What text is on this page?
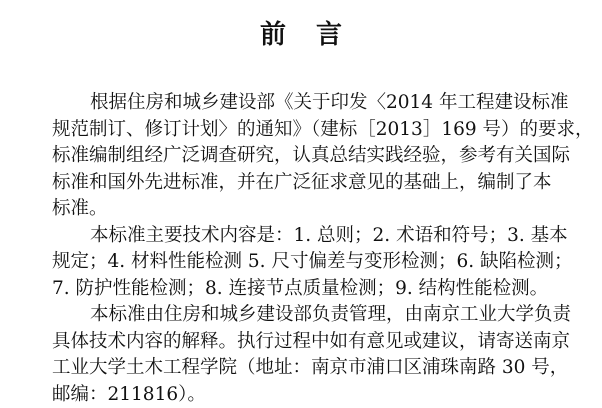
前言
根据住房和城乡建设部《关于印发〈2014 年工程建设标准
规范制订、修订计划〉的通知》（建标［2013］169 号）的要求，
标准编制组经广泛调查研究，认真总结实践经验，参考有关国际
标准和国外先进标准，并在广泛征求意见的基础上，编制了本
标准。
本标准主要技术内容是：1. 总则；2. 术语和符号；3. 基本
规定；4. 材料性能检测 5. 尺寸偏差与变形检测；6. 缺陷检测；
7. 防护性能检测；8. 连接节点质量检测；9. 结构性能检测。
本标准由住房和城乡建设部负责管理，由南京工业大学负责
具体技术内容的解释。执行过程中如有意见或建议，请寄送南京
工业大学土木工程学院（地址：南京市浦口区浦珠南路 30 号，
邮编：211816）。
